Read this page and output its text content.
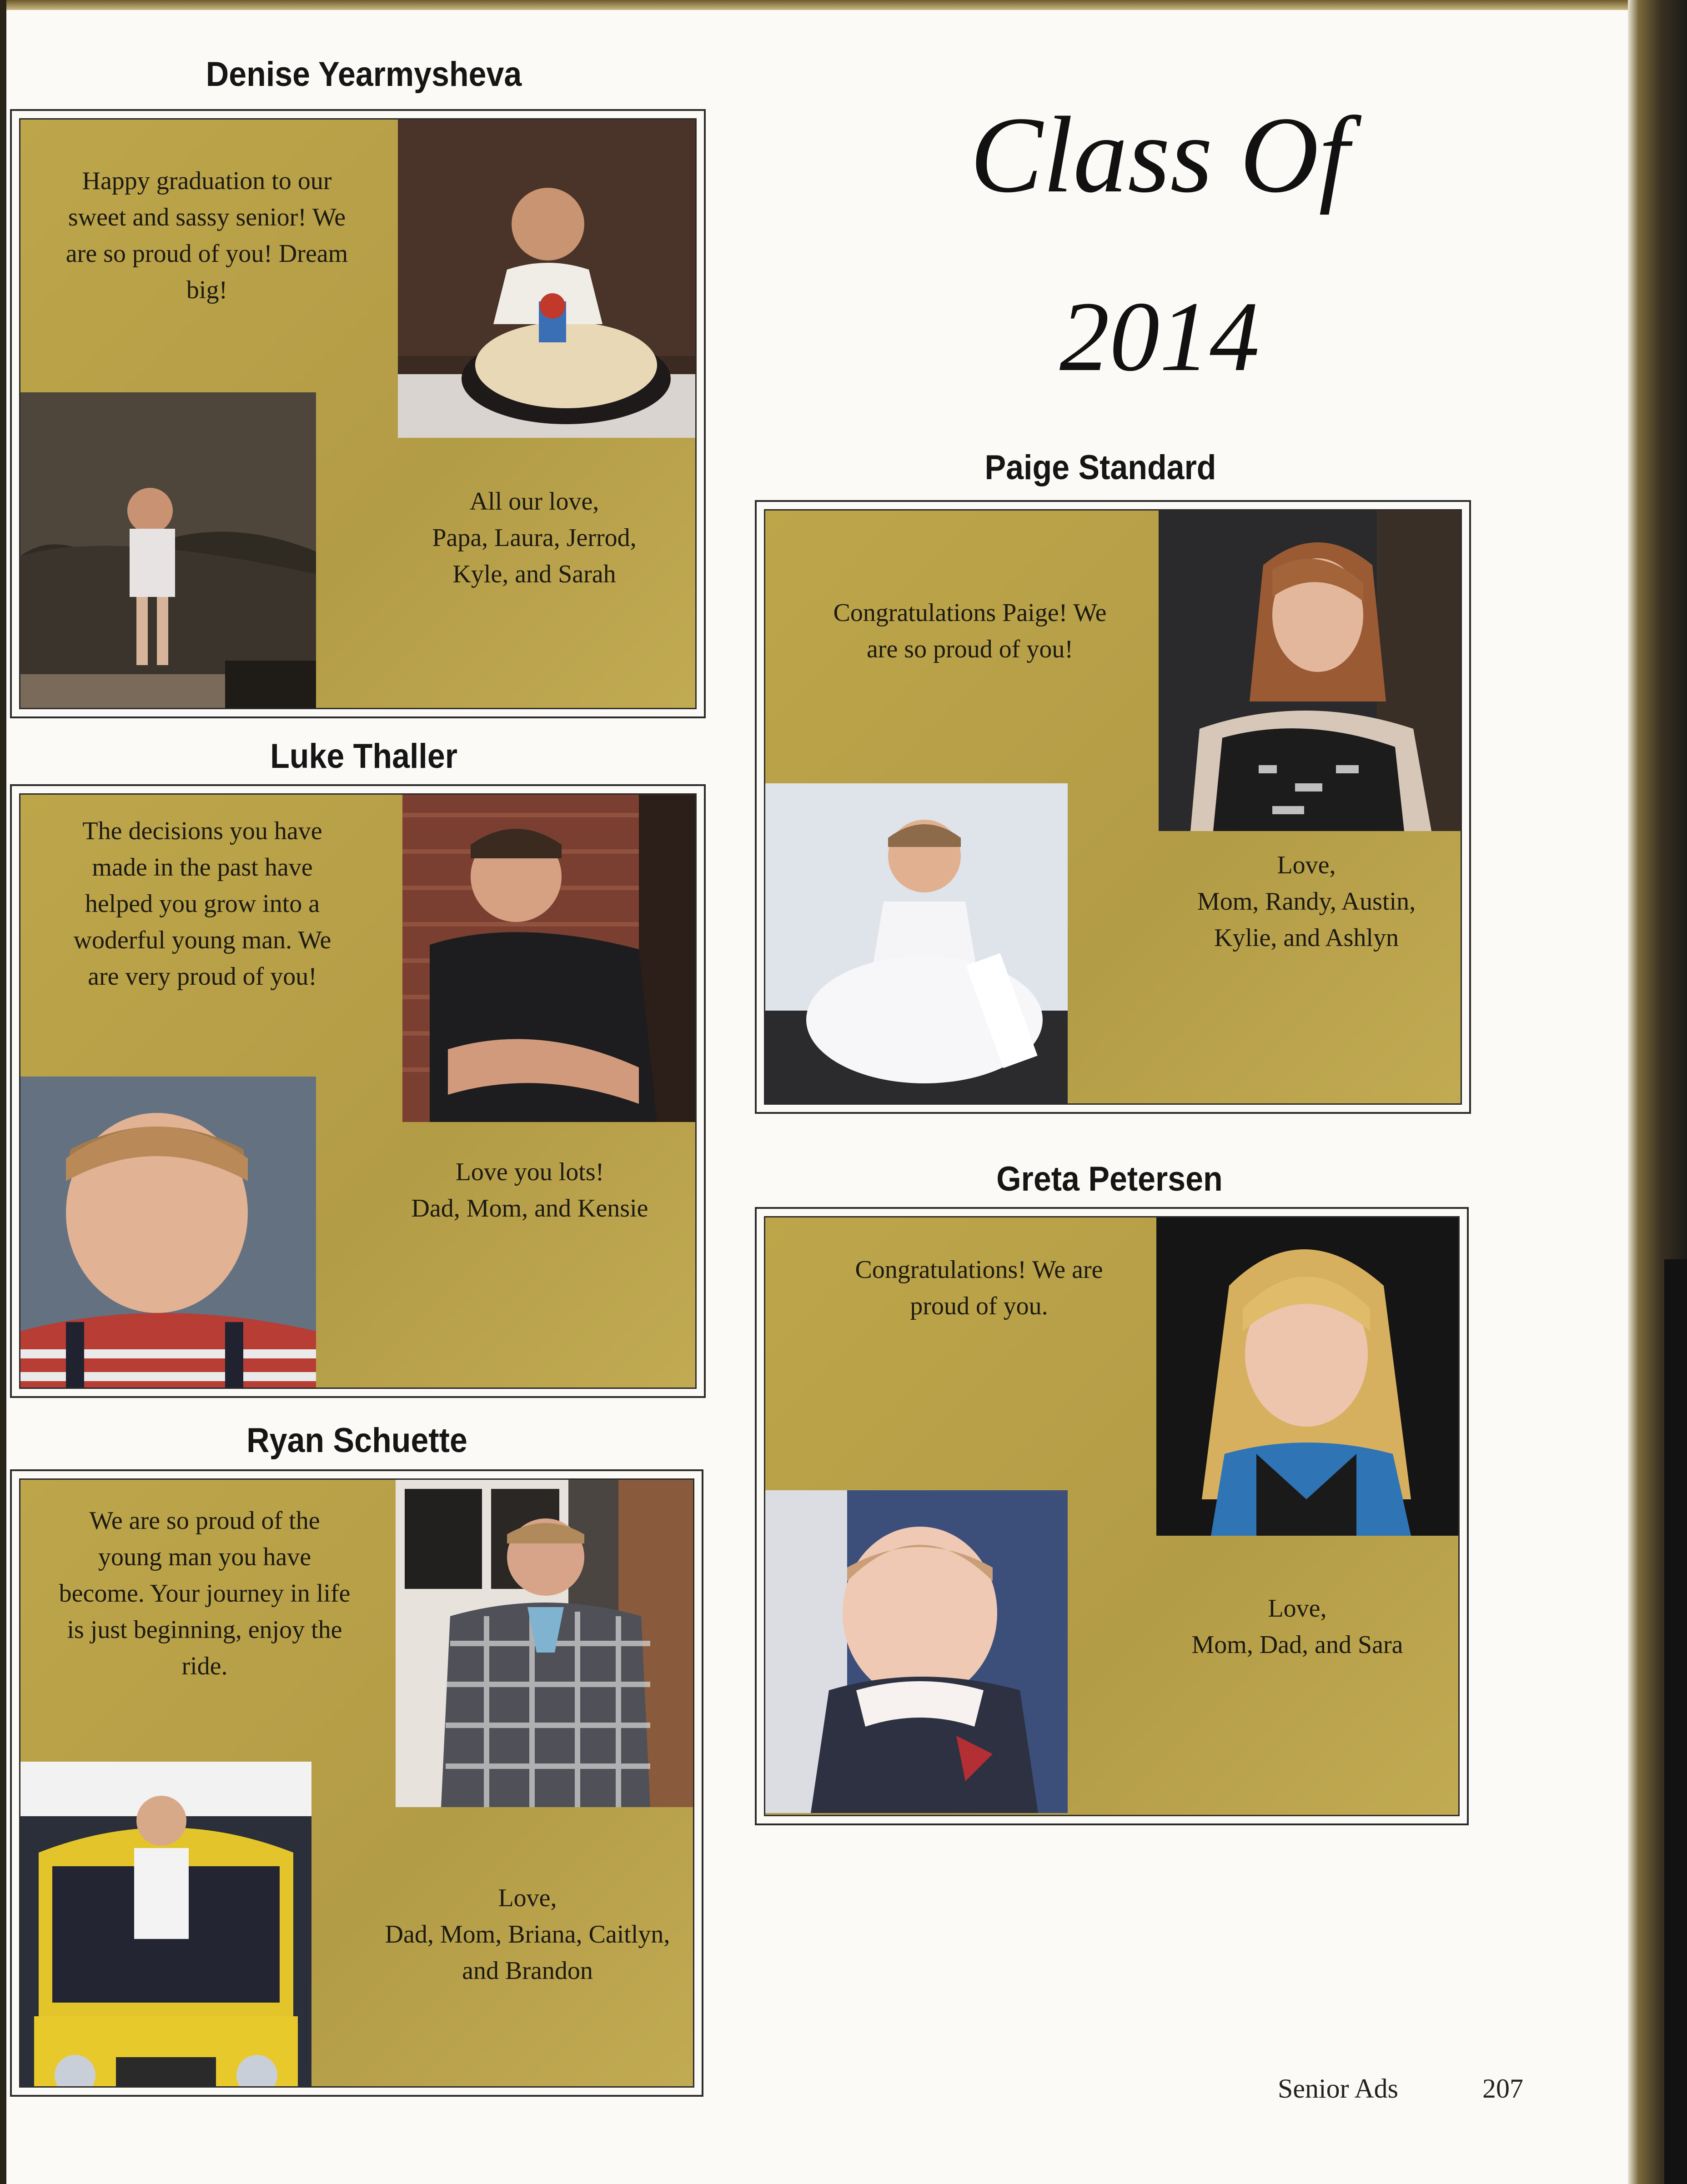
Class Of
2014
Denise Yearmysheva
Happy graduation to our
sweet and sassy senior! We
are so proud of you! Dream
big!
All our love,
Papa, Laura, Jerrod,
Kyle, and Sarah
Luke Thaller
The decisions you have
made in the past have
helped you grow into a
woderful young man. We
are very proud of you!
Love you lots!
Dad, Mom, and Kensie
Ryan Schuette
We are so proud of the
young man you have
become. Your journey in life
is just beginning, enjoy the
ride.
Love,
Dad, Mom, Briana, Caitlyn,
and Brandon
Paige Standard
Congratulations Paige! We
are so proud of you!
Love,
Mom, Randy, Austin,
Kylie, and Ashlyn
Greta Petersen
Congratulations! We are
proud of you.
Love,
Mom, Dad, and Sara
Senior Ads	207
